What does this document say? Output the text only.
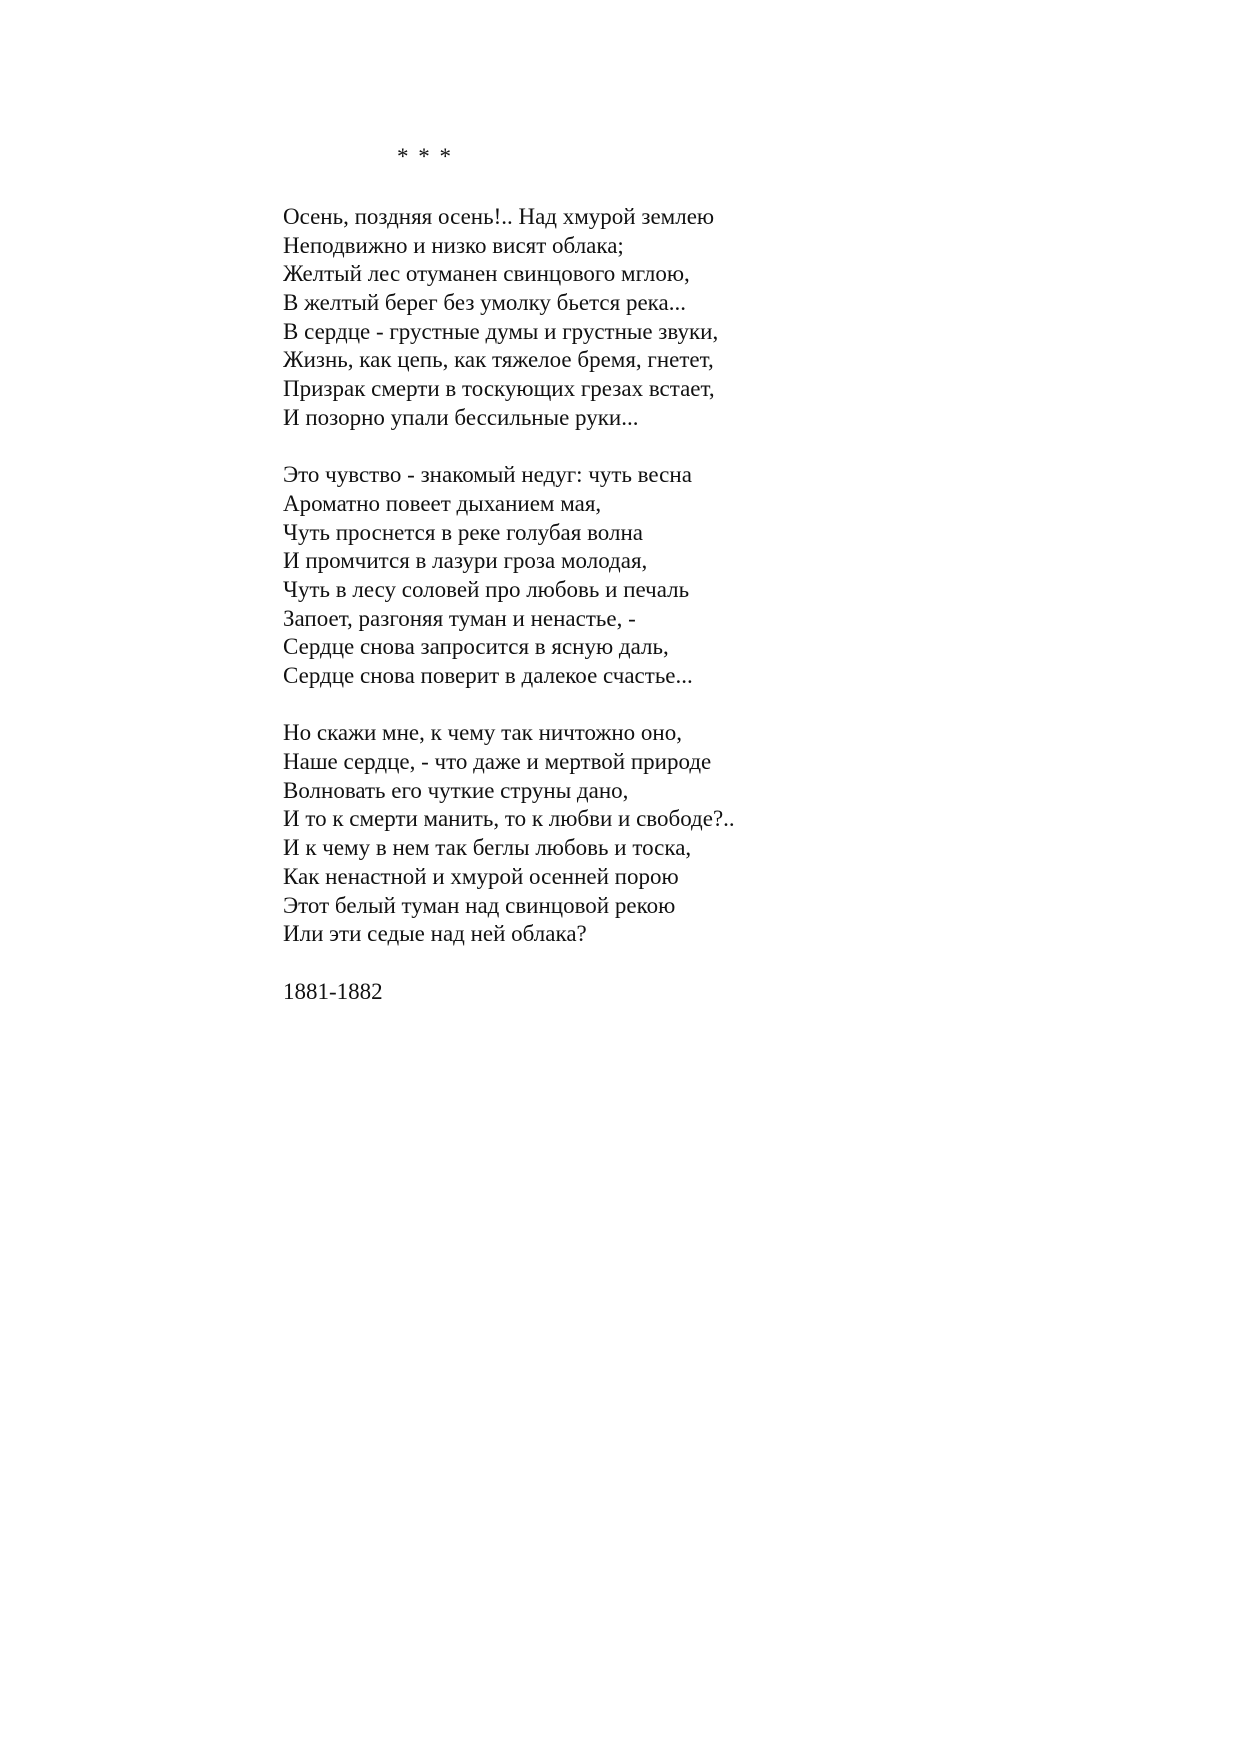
* * *
Осень, поздняя осень!.. Над хмурой землею
Неподвижно и низко висят облака;
Желтый лес отуманен свинцового мглою,
В желтый берег без умолку бьется река...
В сердце - грустные думы и грустные звуки,
Жизнь, как цепь, как тяжелое бремя, гнетет,
Призрак смерти в тоскующих грезах встает,
И позорно упали бессильные руки...
Это чувство - знакомый недуг: чуть весна
Ароматно повеет дыханием мая,
Чуть проснется в реке голубая волна
И промчится в лазури гроза молодая,
Чуть в лесу соловей про любовь и печаль
Запоет, разгоняя туман и ненастье, -
Сердце снова запросится в ясную даль,
Сердце снова поверит в далекое счастье...
Но скажи мне, к чему так ничтожно оно,
Наше сердце, - что даже и мертвой природе
Волновать его чуткие струны дано,
И то к смерти манить, то к любви и свободе?..
И к чему в нем так беглы любовь и тоска,
Как ненастной и хмурой осенней порою
Этот белый туман над свинцовой рекою
Или эти седые над ней облака?
1881-1882
